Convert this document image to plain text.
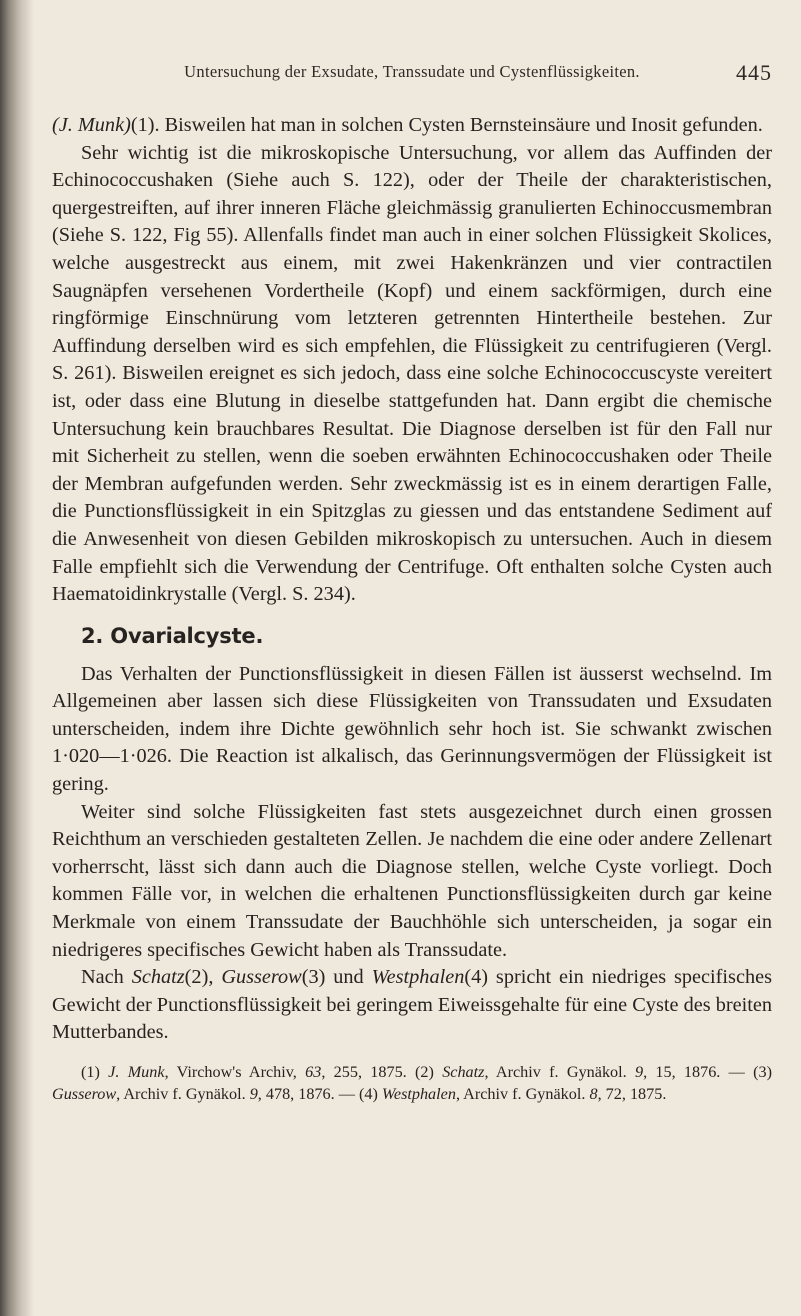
Untersuchung der Exsudate, Transsudate und Cystenflüssigkeiten.	445

(J. Munk)(1). Bisweilen hat man in solchen Cysten Bernsteinsäure und Inosit gefunden.

Sehr wichtig ist die mikroskopische Untersuchung, vor allem das Auffinden der Echinococcushaken (Siehe auch S. 122), oder der Theile der charakteristischen, quergestreiften, auf ihrer inneren Fläche gleichmässig granulierten Echinoccusmembran (Siehe S. 122, Fig 55). Allenfalls findet man auch in einer solchen Flüssigkeit Skolices, welche ausgestreckt aus einem, mit zwei Hakenkränzen und vier contractilen Saugnäpfen versehenen Vordertheile (Kopf) und einem sackförmigen, durch eine ringförmige Einschnürung vom letzteren getrennten Hintertheile bestehen. Zur Auffindung derselben wird es sich empfehlen, die Flüssigkeit zu centrifugieren (Vergl. S. 261). Bisweilen ereignet es sich jedoch, dass eine solche Echinococcuscyste vereitert ist, oder dass eine Blutung in dieselbe stattgefunden hat. Dann ergibt die chemische Untersuchung kein brauchbares Resultat. Die Diagnose derselben ist für den Fall nur mit Sicherheit zu stellen, wenn die soeben erwähnten Echinococcushaken oder Theile der Membran aufgefunden werden. Sehr zweckmässig ist es in einem derartigen Falle, die Punctionsflüssigkeit in ein Spitzglas zu giessen und das entstandene Sediment auf die Anwesenheit von diesen Gebilden mikroskopisch zu untersuchen. Auch in diesem Falle empfiehlt sich die Verwendung der Centrifuge. Oft enthalten solche Cysten auch Haematoidinkrystalle (Vergl. S. 234).

2. Ovarialcyste.

Das Verhalten der Punctionsflüssigkeit in diesen Fällen ist äusserst wechselnd. Im Allgemeinen aber lassen sich diese Flüssigkeiten von Transsudaten und Exsudaten unterscheiden, indem ihre Dichte gewöhnlich sehr hoch ist. Sie schwankt zwischen 1·020—1·026. Die Reaction ist alkalisch, das Gerinnungsvermögen der Flüssigkeit ist gering.

Weiter sind solche Flüssigkeiten fast stets ausgezeichnet durch einen grossen Reichthum an verschieden gestalteten Zellen. Je nachdem die eine oder andere Zellenart vorherrscht, lässt sich dann auch die Diagnose stellen, welche Cyste vorliegt. Doch kommen Fälle vor, in welchen die erhaltenen Punctionsflüssigkeiten durch gar keine Merkmale von einem Transsudate der Bauchhöhle sich unterscheiden, ja sogar ein niedrigeres specifisches Gewicht haben als Transsudate.

Nach Schatz(2), Gusserow(3) und Westphalen(4) spricht ein niedriges specifisches Gewicht der Punctionsflüssigkeit bei geringem Eiweissgehalte für eine Cyste des breiten Mutterbandes.

(1) J. Munk, Virchow's Archiv, 63, 255, 1875. (2) Schatz, Archiv f. Gynäkol. 9, 15, 1876. — (3) Gusserow, Archiv f. Gynäkol. 9, 478, 1876. — (4) Westphalen, Archiv f. Gynäkol. 8, 72, 1875.
